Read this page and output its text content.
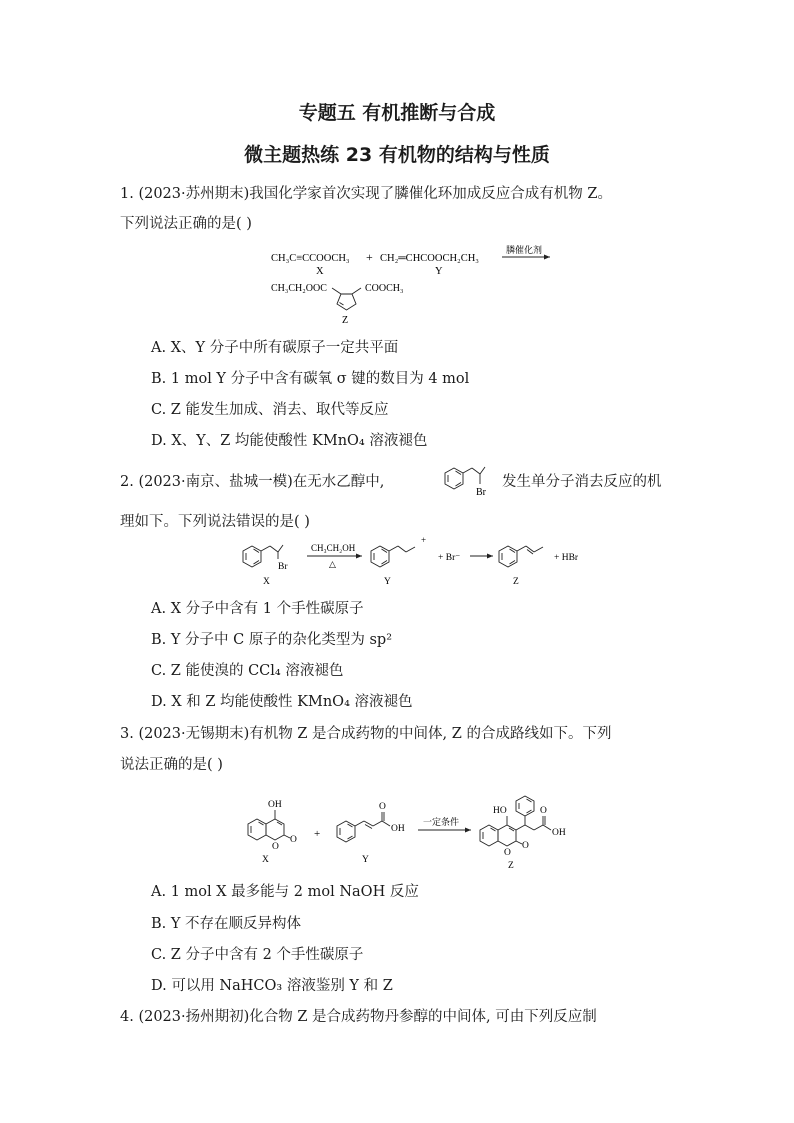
专题五 有机推断与合成
微主题热练 23 有机物的结构与性质
1. (2023·苏州期末)我国化学家首次实现了膦催化环加成反应合成有机物 Z。
下列说法正确的是( )
CH₃C≡CCOOCH₃ + CH₂═CHCOOCH₂CH₃
膦催化剂
X	Y
CH₃CH₂OOC	COOCH₃
Z
A. X、Y 分子中所有碳原子一定共平面
B. 1 mol Y 分子中含有碳氧 σ 键的数目为 4 mol
C. Z 能发生加成、消去、取代等反应
D. X、Y、Z 均能使酸性 KMnO₄ 溶液褪色
2. (2023·南京、盐城一模)在无水乙醇中,
Br
发生单分子消去反应的机
理如下。下列说法错误的是( )
Br
X
CH₃CH₂OH
△
+
Y
+ Br⁻
Z
+ HBr
A. X 分子中含有 1 个手性碳原子
B. Y 分子中 C 原子的杂化类型为 sp²
C. Z 能使溴的 CCl₄ 溶液褪色
D. X 和 Z 均能使酸性 KMnO₄ 溶液褪色
3. (2023·无锡期末)有机物 Z 是合成药物的中间体, Z 的合成路线如下。下列
说法正确的是( )
OH
O
O
X
+
O
OH
Y
一定条件
HO
O
O
O
OH
Z
A. 1 mol X 最多能与 2 mol NaOH 反应
B. Y 不存在顺反异构体
C. Z 分子中含有 2 个手性碳原子
D. 可以用 NaHCO₃ 溶液鉴别 Y 和 Z
4. (2023·扬州期初)化合物 Z 是合成药物丹参醇的中间体, 可由下列反应制
